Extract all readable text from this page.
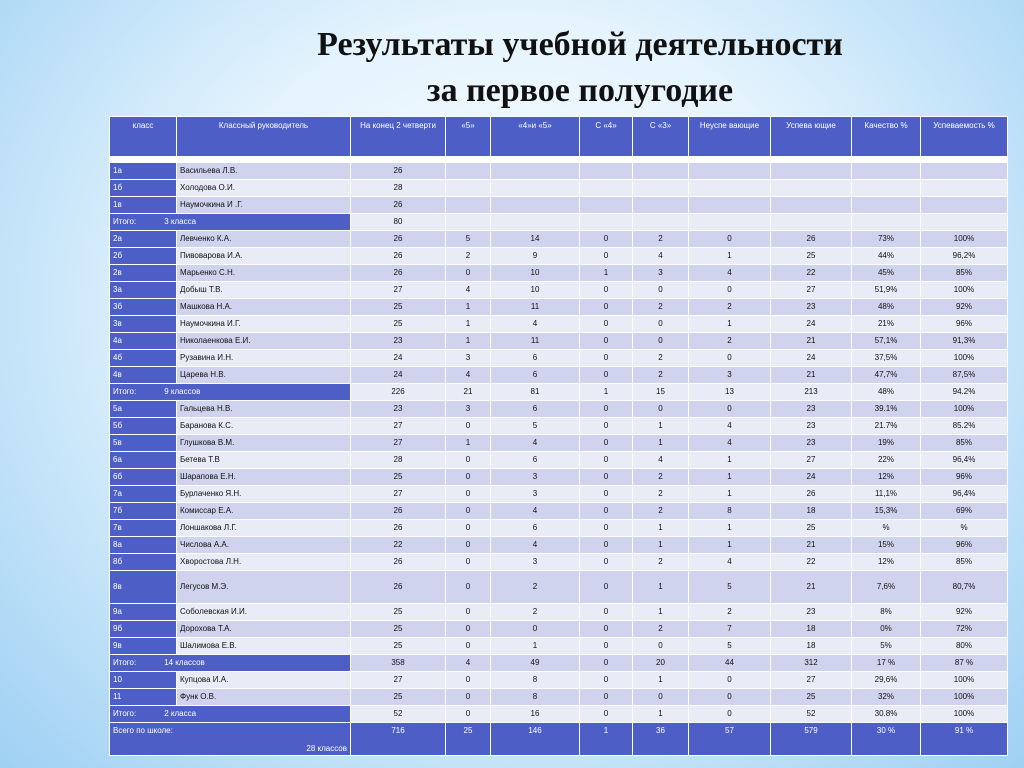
Результаты учебной деятельности
за первое полугодие
класс	Классный руководитель	На конец 2 четверти	«5»	«4»и «5»	С «4»	С «3»	Неуспе вающие	Успева ющие	Качество %	Успеваемость %

1а	Васильева Л.В.	26								
1б	Холодова О.И.	28								
1в	Наумочкина И .Г.	26								
Итого: 3 класса		80								
2а	Левченко К.А.	26	5	14	0	2	0	26	73%	100%
2б	Пивоварова И.А.	26	2	9	0	4	1	25	44%	96,2%
2в	Марьенко С.Н.	26	0	10	1	3	4	22	45%	85%
3а	Добыш Т.В.	27	4	10	0	0	0	27	51,9%	100%
3б	Машкова Н.А.	25	1	11	0	2	2	23	48%	92%
3в	Наумочкина И.Г.	25	1	4	0	0	1	24	21%	96%
4а	Николаенкова Е.И.	23	1	11	0	0	2	21	57,1%	91,3%
4б	Рузавина И.Н.	24	3	6	0	2	0	24	37,5%	100%
4в	Царева Н.В.	24	4	6	0	2	3	21	47,7%	87,5%
Итого: 9 классов		226	21	81	1	15	13	213	48%	94.2%
5а	Гальцева Н.В.	23	3	6	0	0	0	23	39.1%	100%
5б	Баранова К.С.	27	0	5	0	1	4	23	21.7%	85.2%
5в	Глушкова В.М.	27	1	4	0	1	4	23	19%	85%
6а	Бетева Т.В	28	0	6	0	4	1	27	22%	96,4%
6б	Шарапова Е.Н.	25	0	3	0	2	1	24	12%	96%
7а	Бурлаченко Я.Н.	27	0	3	0	2	1	26	11,1%	96,4%
7б	Комиссар Е.А.	26	0	4	0	2	8	18	15,3%	69%
7в	Лоншакова Л.Г.	26	0	6	0	1	1	25	%	%
8а	Числова А.А.	22	0	4	0	1	1	21	15%	96%
8б	Хворостова Л.Н.	26	0	3	0	2	4	22	12%	85%
8в	Легусов М.Э.	26	0	2	0	1	5	21	7,6%	80,7%
9а	Соболевская И.И.	25	0	2	0	1	2	23	8%	92%
9б	Дорохова Т.А.	25	0	0	0	2	7	18	0%	72%
9в	Шалимова Е.В.	25	0	1	0	0	5	18	5%	80%
Итого: 14 классов		358	4	49	0	20	44	312	17 %	87 %
10	Купцова И.А.	27	0	8	0	1	0	27	29,6%	100%
11	Функ О.В.	25	0	8	0	0	0	25	32%	100%
Итого: 2 класса		52	0	16	0	1	0	52	30.8%	100%
Всего по школе:
28 классов		716	25	146	1	36	57	579	30 %	91 %
